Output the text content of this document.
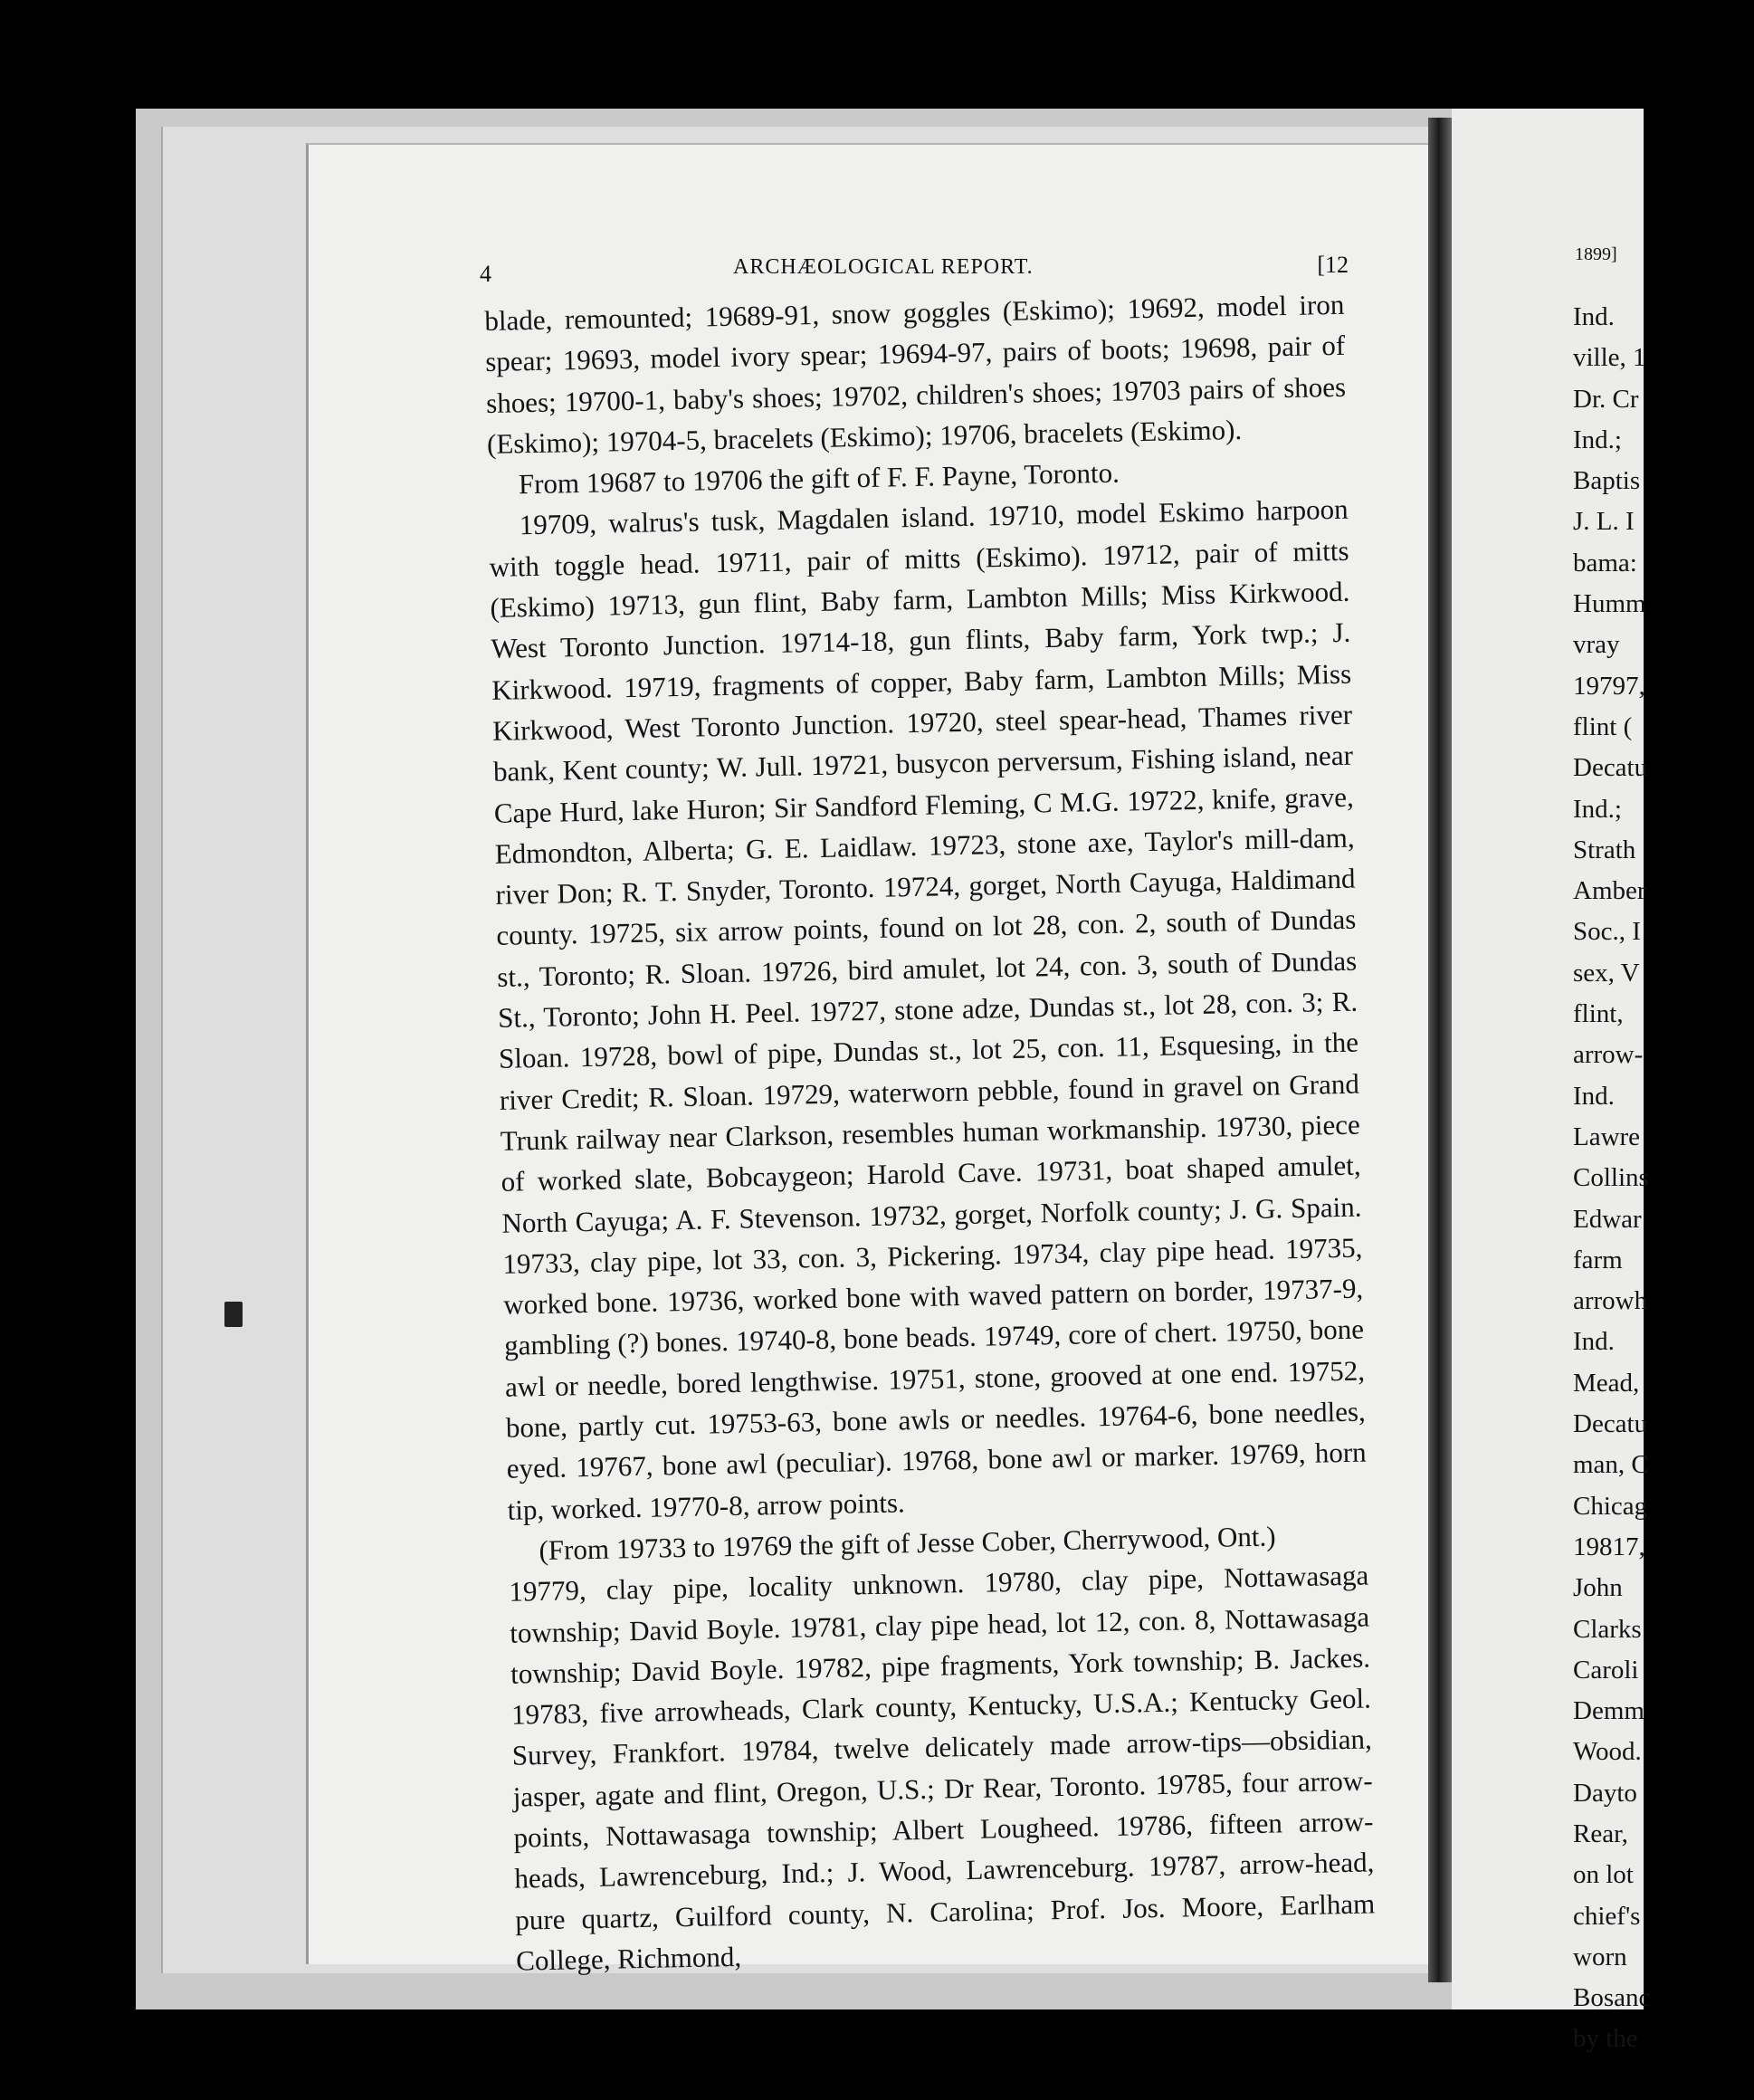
4	ARCHÆOLOGICAL REPORT.	[12

blade, remounted; 19689-91, snow goggles (Eskimo); 19692, model iron spear; 19693, model ivory spear; 19694-97, pairs of boots; 19698, pair of shoes; 19700-1, baby's shoes; 19702, children's shoes; 19703 pairs of shoes (Eskimo); 19704-5, bracelets (Eskimo); 19706, bracelets (Eskimo).

From 19687 to 19706 the gift of F. F. Payne, Toronto.

19709, walrus's tusk, Magdalen island. 19710, model Eskimo harpoon with toggle head. 19711, pair of mitts (Eskimo). 19712, pair of mitts (Eskimo) 19713, gun flint, Baby farm, Lambton Mills; Miss Kirkwood. West Toronto Junction. 19714-18, gun flints, Baby farm, York twp.; J. Kirkwood. 19719, fragments of copper, Baby farm, Lambton Mills; Miss Kirkwood, West Toronto Junction. 19720, steel spear-head, Thames river bank, Kent county; W. Jull. 19721, busycon perversum, Fishing island, near Cape Hurd, lake Huron; Sir Sandford Fleming, C M.G. 19722, knife, grave, Edmondton, Alberta; G. E. Laidlaw. 19723, stone axe, Taylor's mill-dam, river Don; R. T. Snyder, Toronto. 19724, gorget, North Cayuga, Haldimand county. 19725, six arrow points, found on lot 28, con. 2, south of Dundas st., Toronto; R. Sloan. 19726, bird amulet, lot 24, con. 3, south of Dundas St., Toronto; John H. Peel. 19727, stone adze, Dundas st., lot 28, con. 3; R. Sloan. 19728, bowl of pipe, Dundas st., lot 25, con. 11, Esquesing, in the river Credit; R. Sloan. 19729, waterworn pebble, found in gravel on Grand Trunk railway near Clarkson, resembles human workmanship. 19730, piece of worked slate, Bobcaygeon; Harold Cave. 19731, boat shaped amulet, North Cayuga; A. F. Stevenson. 19732, gorget, Norfolk county; J. G. Spain. 19733, clay pipe, lot 33, con. 3, Pickering. 19734, clay pipe head. 19735, worked bone. 19736, worked bone with waved pattern on border, 19737-9, gambling (?) bones. 19740-8, bone beads. 19749, core of chert. 19750, bone awl or needle, bored lengthwise. 19751, stone, grooved at one end. 19752, bone, partly cut. 19753-63, bone awls or needles. 19764-6, bone needles, eyed. 19767, bone awl (peculiar). 19768, bone awl or marker. 19769, horn tip, worked. 19770-8, arrow points.

(From 19733 to 19769 the gift of Jesse Cober, Cherrywood, Ont.)

19779, clay pipe, locality unknown. 19780, clay pipe, Nottawasaga township; David Boyle. 19781, clay pipe head, lot 12, con. 8, Nottawasaga township; David Boyle. 19782, pipe fragments, York township; B. Jackes. 19783, five arrowheads, Clark county, Kentucky, U.S.A.; Kentucky Geol. Survey, Frankfort. 19784, twelve delicately made arrow-tips—obsidian, jasper, agate and flint, Oregon, U.S.; Dr Rear, Toronto. 19785, four arrow-points, Nottawasaga township; Albert Lougheed. 19786, fifteen arrow-heads, Lawrenceburg, Ind.; J. Wood, Lawrenceburg. 19787, arrow-head, pure quartz, Guilford county, N. Carolina; Prof. Jos. Moore, Earlham College, Richmond,

1899]
Ind.
ville, 1
Dr. Cr
Ind.;
Baptis
J. L. I
bama:
Humm
vray
19797,
flint (
Decatu
Ind.;
Strath
Amber
Soc., I
sex, V
flint,
arrow-
Ind.
Lawre
Collins
Edwar
farm
arrowh
Ind.
Mead,
Decatu
man, C
Chicag
19817,
John
Clarks
Caroli
Demm
Wood.
Dayto
Rear,
on lot
chief's
worn
Bosanc
by the
